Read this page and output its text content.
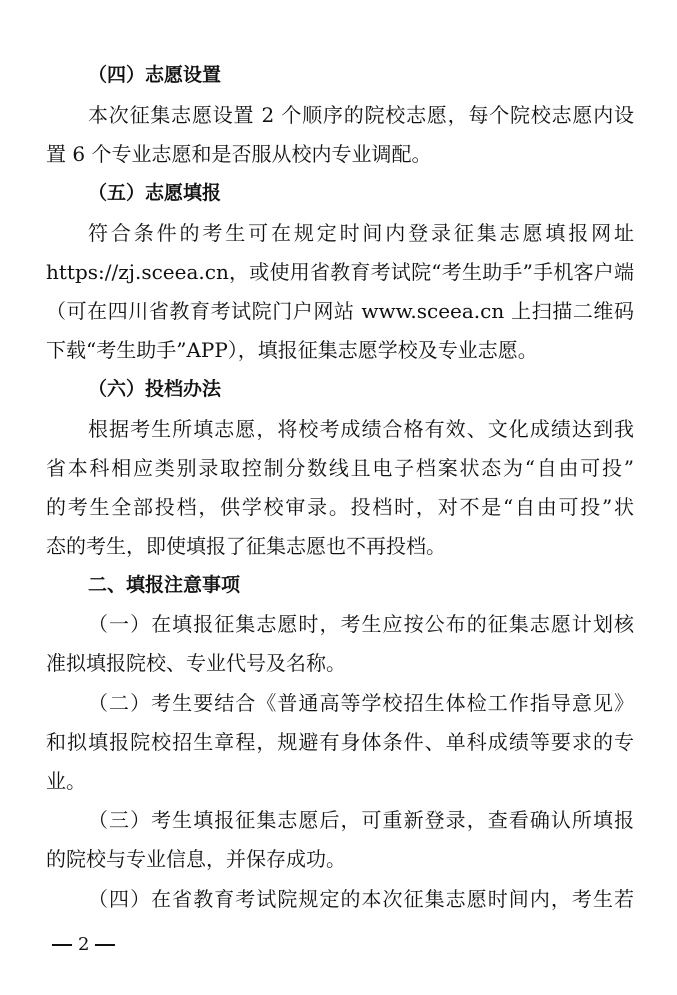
（四）志愿设置
本次征集志愿设置 2 个顺序的院校志愿，每个院校志愿内设
置 6 个专业志愿和是否服从校内专业调配。
（五）志愿填报
符合条件的考生可在规定时间内登录征集志愿填报网址
https://zj.sceea.cn，或使用省教育考试院“考生助手”手机客户端
（可在四川省教育考试院门户网站 www.sceea.cn 上扫描二维码
下载“考生助手”APP），填报征集志愿学校及专业志愿。
（六）投档办法
根据考生所填志愿，将校考成绩合格有效、文化成绩达到我
省本科相应类别录取控制分数线且电子档案状态为“自由可投”
的考生全部投档，供学校审录。投档时，对不是“自由可投”状
态的考生，即使填报了征集志愿也不再投档。
二、填报注意事项
（一）在填报征集志愿时，考生应按公布的征集志愿计划核
准拟填报院校、专业代号及名称。
（二）考生要结合《普通高等学校招生体检工作指导意见》
和拟填报院校招生章程，规避有身体条件、单科成绩等要求的专
业。
（三）考生填报征集志愿后，可重新登录，查看确认所填报
的院校与专业信息，并保存成功。
（四）在省教育考试院规定的本次征集志愿时间内，考生若
2
